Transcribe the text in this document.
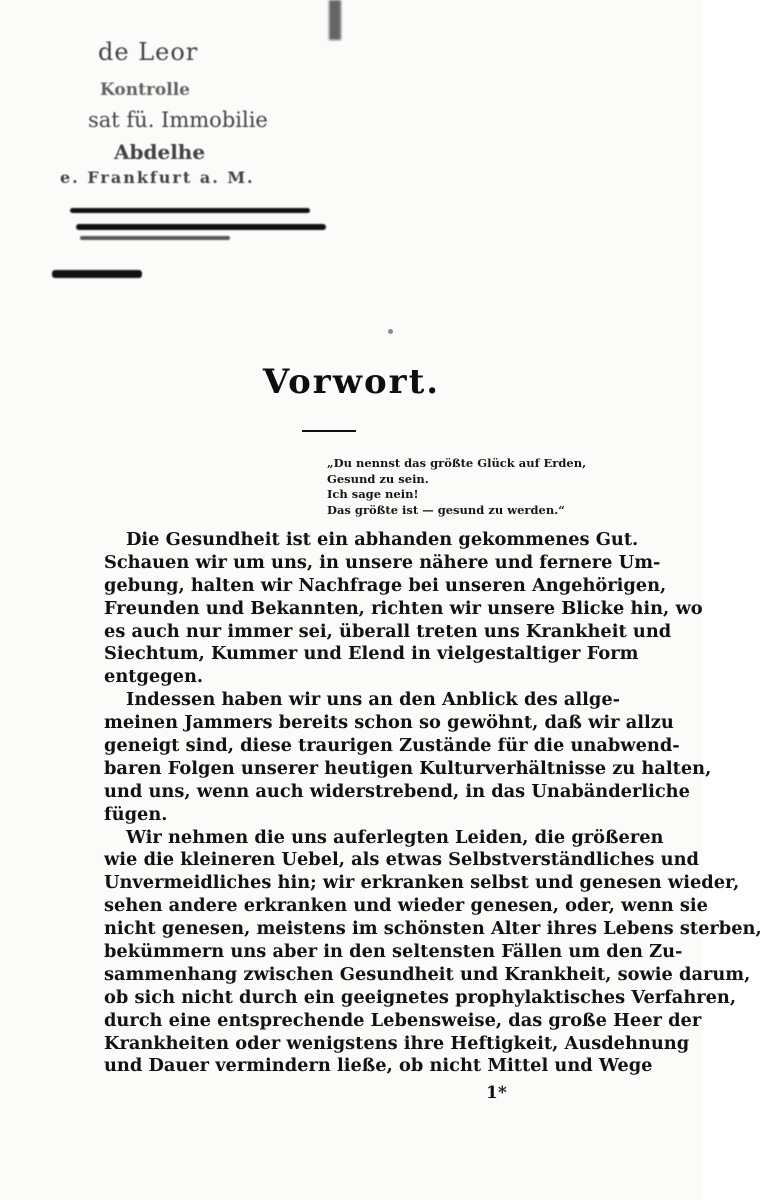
de Leor
Kontrolle
sat fü. Immobilie
Abdelhe
e. Frankfurt a. M.
Vorwort.
„Du nennst das größte Glück auf Erden,
Gesund zu sein.
Ich sage nein!
Das größte ist — gesund zu werden.“
Die Gesundheit ist ein abhanden gekommenes Gut.
Schauen wir um uns, in unsere nähere und fernere Um-
gebung, halten wir Nachfrage bei unseren Angehörigen,
Freunden und Bekannten, richten wir unsere Blicke hin, wo
es auch nur immer sei, überall treten uns Krankheit und
Siechtum, Kummer und Elend in vielgestaltiger Form
entgegen.
Indessen haben wir uns an den Anblick des allge-
meinen Jammers bereits schon so gewöhnt, daß wir allzu
geneigt sind, diese traurigen Zustände für die unabwend-
baren Folgen unserer heutigen Kulturverhältnisse zu halten,
und uns, wenn auch widerstrebend, in das Unabänderliche
fügen.
Wir nehmen die uns auferlegten Leiden, die größeren
wie die kleineren Uebel, als etwas Selbstverständliches und
Unvermeidliches hin; wir erkranken selbst und genesen wieder,
sehen andere erkranken und wieder genesen, oder, wenn sie
nicht genesen, meistens im schönsten Alter ihres Lebens sterben,
bekümmern uns aber in den seltensten Fällen um den Zu-
sammenhang zwischen Gesundheit und Krankheit, sowie darum,
ob sich nicht durch ein geeignetes prophylaktisches Verfahren,
durch eine entsprechende Lebensweise, das große Heer der
Krankheiten oder wenigstens ihre Heftigkeit, Ausdehnung
und Dauer vermindern ließe, ob nicht Mittel und Wege
1*
